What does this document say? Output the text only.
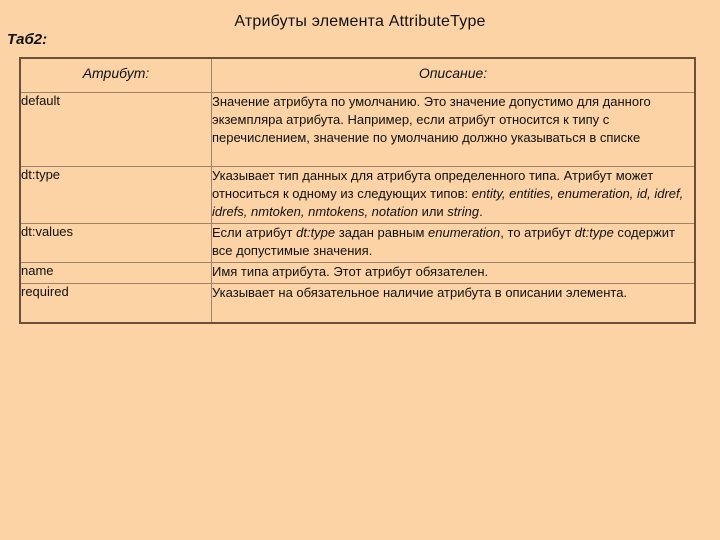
Атрибуты элемента AttributeType
Таб2:
Атрибут:	Описание:
default	Значение атрибута по умолчанию. Это значение допустимо для данного экземпляра атрибута. Например, если атрибут относится к типу с перечислением, значение по умолчанию должно указываться в списке
dt:type	Указывает тип данных для атрибута определенного типа. Атрибут может относиться к одному из следующих типов: entity, entities, enumeration, id, idref, idrefs, nmtoken, nmtokens, notation или string.
dt:values	Если атрибут dt:type задан равным enumeration, то атрибут dt:type содержит все допустимые значения.
name	Имя типа атрибута. Этот атрибут обязателен.
required	Указывает на обязательное наличие атрибута в описании элемента.
